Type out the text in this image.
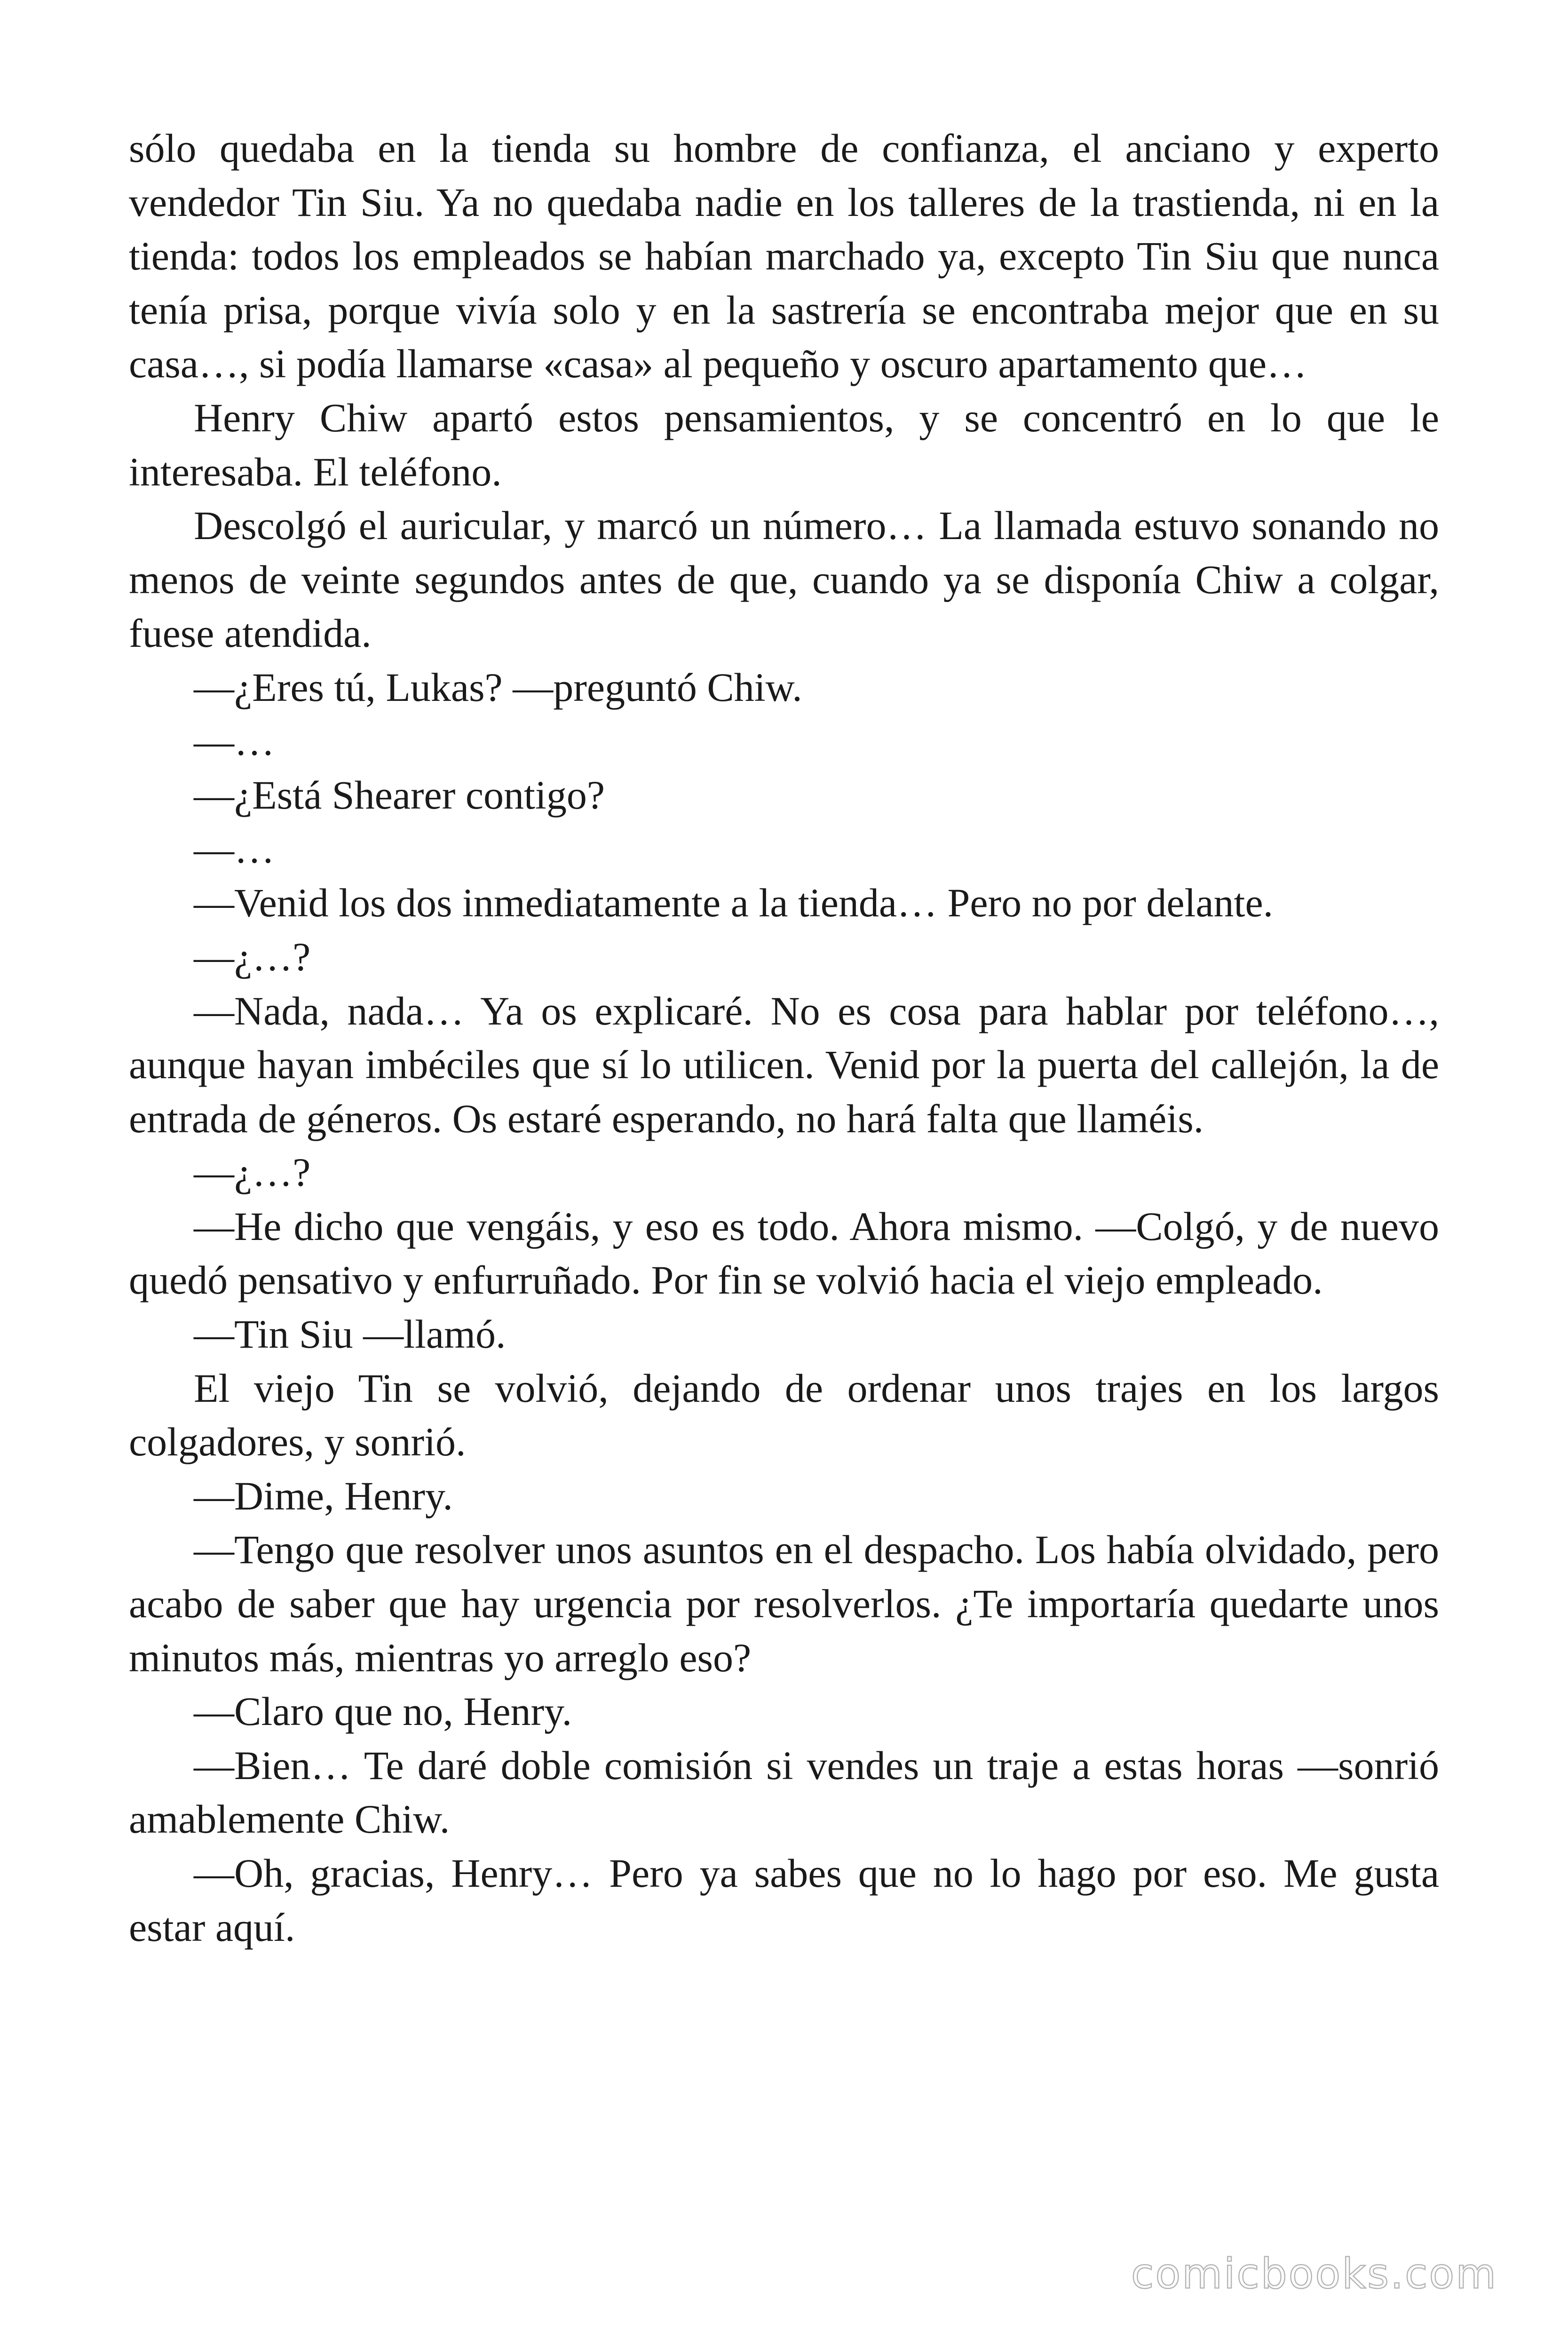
sólo quedaba en la tienda su hombre de confianza, el anciano y experto vendedor Tin Siu. Ya no quedaba nadie en los talleres de la trastienda, ni en la tienda: todos los empleados se habían marchado ya, excepto Tin Siu que nunca tenía prisa, porque vivía solo y en la sastrería se encontraba mejor que en su casa…, si podía llamarse «casa» al pequeño y oscuro apartamento que…

Henry Chiw apartó estos pensamientos, y se concentró en lo que le interesaba. El teléfono.

Descolgó el auricular, y marcó un número… La llamada estuvo sonando no menos de veinte segundos antes de que, cuando ya se disponía Chiw a colgar, fuese atendida.

—¿Eres tú, Lukas? —preguntó Chiw.

—…

—¿Está Shearer contigo?

—…

—Venid los dos inmediatamente a la tienda… Pero no por delante.

—¿…?

—Nada, nada… Ya os explicaré. No es cosa para hablar por teléfono…, aunque hayan imbéciles que sí lo utilicen. Venid por la puerta del callejón, la de entrada de géneros. Os estaré esperando, no hará falta que llaméis.

—¿…?

—He dicho que vengáis, y eso es todo. Ahora mismo. —Colgó, y de nuevo quedó pensativo y enfurruñado. Por fin se volvió hacia el viejo empleado.

—Tin Siu —llamó.

El viejo Tin se volvió, dejando de ordenar unos trajes en los largos colgadores, y sonrió.

—Dime, Henry.

—Tengo que resolver unos asuntos en el despacho. Los había olvidado, pero acabo de saber que hay urgencia por resolverlos. ¿Te importaría quedarte unos minutos más, mientras yo arreglo eso?

—Claro que no, Henry.

—Bien… Te daré doble comisión si vendes un traje a estas horas —sonrió amablemente Chiw.

—Oh, gracias, Henry… Pero ya sabes que no lo hago por eso. Me gusta estar aquí.

comicbooks.com
